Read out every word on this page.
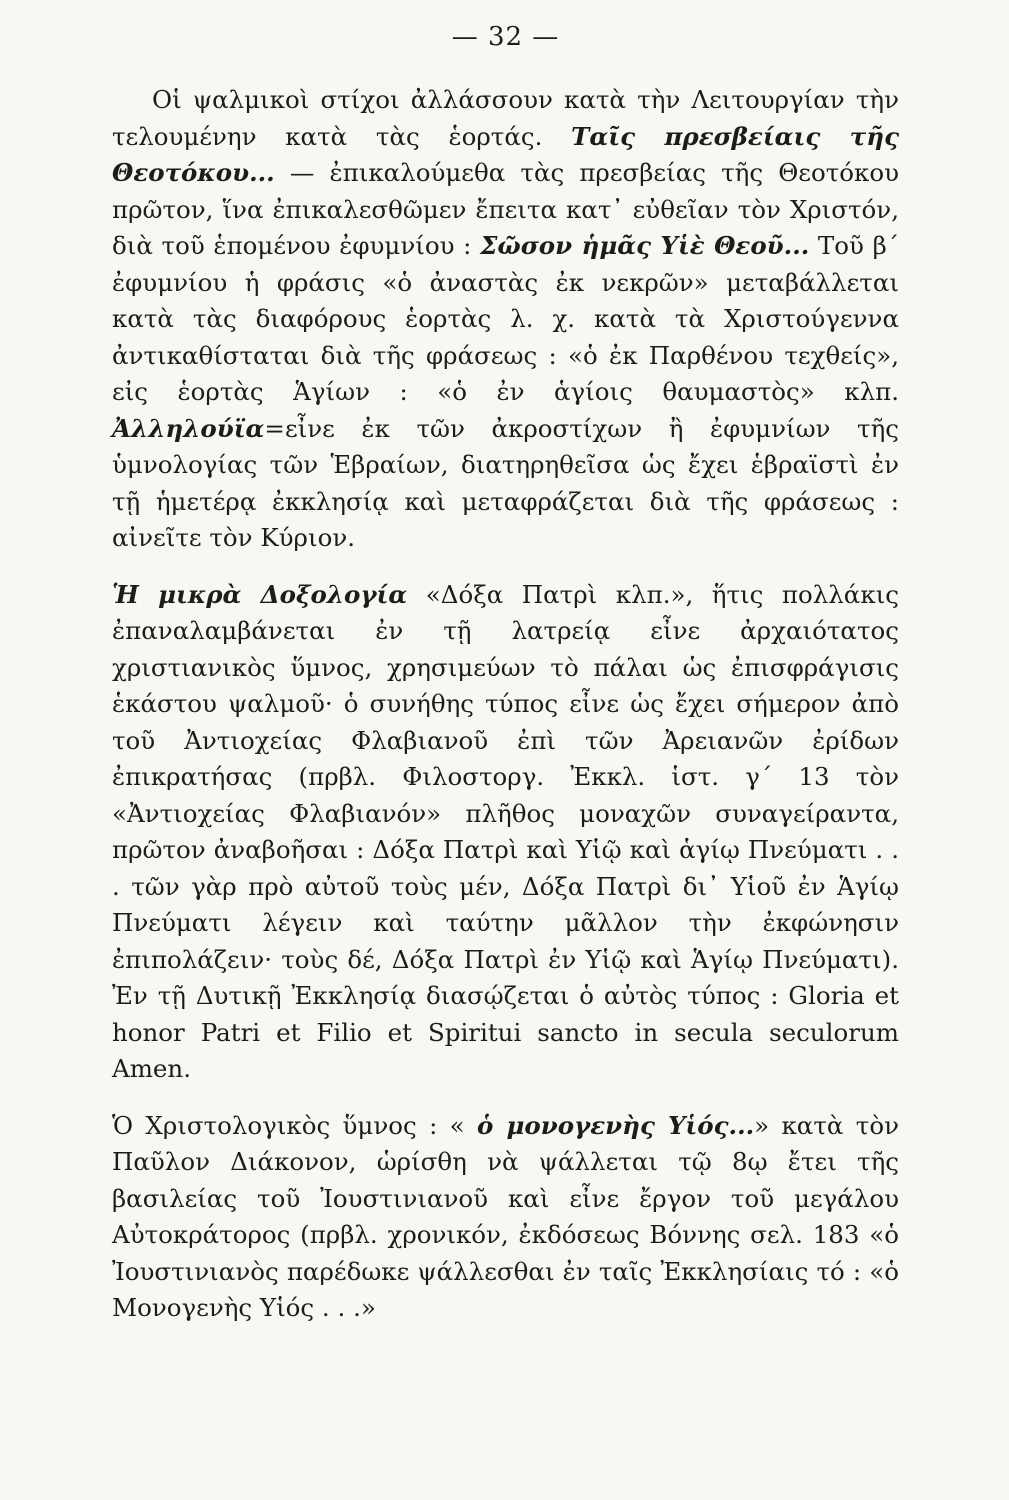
— 32 —

Οἱ ψαλμικοὶ στίχοι ἀλλάσσουν κατὰ τὴν Λειτουργίαν τὴν τελουμένην κατὰ τὰς ἑορτάς. Ταῖς πρεσβείαις τῆς Θεοτόκου... — ἐπικαλούμεθα τὰς πρεσβείας τῆς Θεοτόκου πρῶτον, ἵνα ἐπικαλεσθῶμεν ἔπειτα κατ᾽ εὐθεῖαν τὸν Χριστόν, διὰ τοῦ ἑπομένου ἐφυμνίου : Σῶσον ἡμᾶς Υἱὲ Θεοῦ... Τοῦ β΄ ἐφυμνίου ἡ φράσις «ὁ ἀναστὰς ἐκ νεκρῶν» μεταβάλλεται κατὰ τὰς διαφόρους ἑορτὰς λ. χ. κατὰ τὰ Χριστούγεννα ἀντικαθίσταται διὰ τῆς φράσεως : «ὁ ἐκ Παρθένου τεχθείς», εἰς ἑορτὰς Ἁγίων : «ὁ ἐν ἁγίοις θαυμαστὸς» κλπ. Ἀλληλούϊα=εἶνε ἐκ τῶν ἀκροστίχων ἢ ἐφυμνίων τῆς ὑμνολογίας τῶν Ἑβραίων, διατηρηθεῖσα ὡς ἔχει ἑβραϊστὶ ἐν τῇ ἡμετέρᾳ ἐκκλησίᾳ καὶ μεταφράζεται διὰ τῆς φράσεως : αἰνεῖτε τὸν Κύριον.

Ἡ μικρὰ Δοξολογία «Δόξα Πατρὶ κλπ.», ἥτις πολλάκις ἐπαναλαμβάνεται ἐν τῇ λατρείᾳ εἶνε ἀρχαιότατος χριστιανικὸς ὕμνος, χρησιμεύων τὸ πάλαι ὡς ἐπισφράγισις ἑκάστου ψαλμοῦ· ὁ συνήθης τύπος εἶνε ὡς ἔχει σήμερον ἀπὸ τοῦ Ἀντιοχείας Φλαβιανοῦ ἐπὶ τῶν Ἀρειανῶν ἐρίδων ἐπικρατήσας (πρβλ. Φιλοστοργ. Ἐκκλ. ἱστ. γ΄ 13 τὸν «Ἀντιοχείας Φλαβιανόν» πλῆθος μοναχῶν συναγείραντα, πρῶτον ἀναβοῆσαι : Δόξα Πατρὶ καὶ Υἱῷ καὶ ἁγίῳ Πνεύματι . . . τῶν γὰρ πρὸ αὐτοῦ τοὺς μέν, Δόξα Πατρὶ δι᾽ Υἱοῦ ἐν Ἁγίῳ Πνεύματι λέγειν καὶ ταύτην μᾶλλον τὴν ἐκφώνησιν ἐπιπολάζειν· τοὺς δέ, Δόξα Πατρὶ ἐν Υἱῷ καὶ Ἁγίῳ Πνεύματι). Ἐν τῇ Δυτικῇ Ἐκκλησίᾳ διασῴζεται ὁ αὐτὸς τύπος : Gloria et honor Patri et Filio et Spiritui sancto in secula seculorum Amen.

Ὁ Χριστολογικὸς ὕμνος : « ὁ μονογενὴς Υἱός...» κατὰ τὸν Παῦλον Διάκονον, ὡρίσθη νὰ ψάλλεται τῷ 8ῳ ἔτει τῆς βασιλείας τοῦ Ἰουστινιανοῦ καὶ εἶνε ἔργον τοῦ μεγάλου Αὐτοκράτορος (πρβλ. χρονικόν, ἐκδόσεως Βόννης σελ. 183 «ὁ Ἰουστινιανὸς παρέδωκε ψάλλεσθαι ἐν ταῖς Ἐκκλησίαις τό : «ὁ Μονογενὴς Υἱός . . .»
